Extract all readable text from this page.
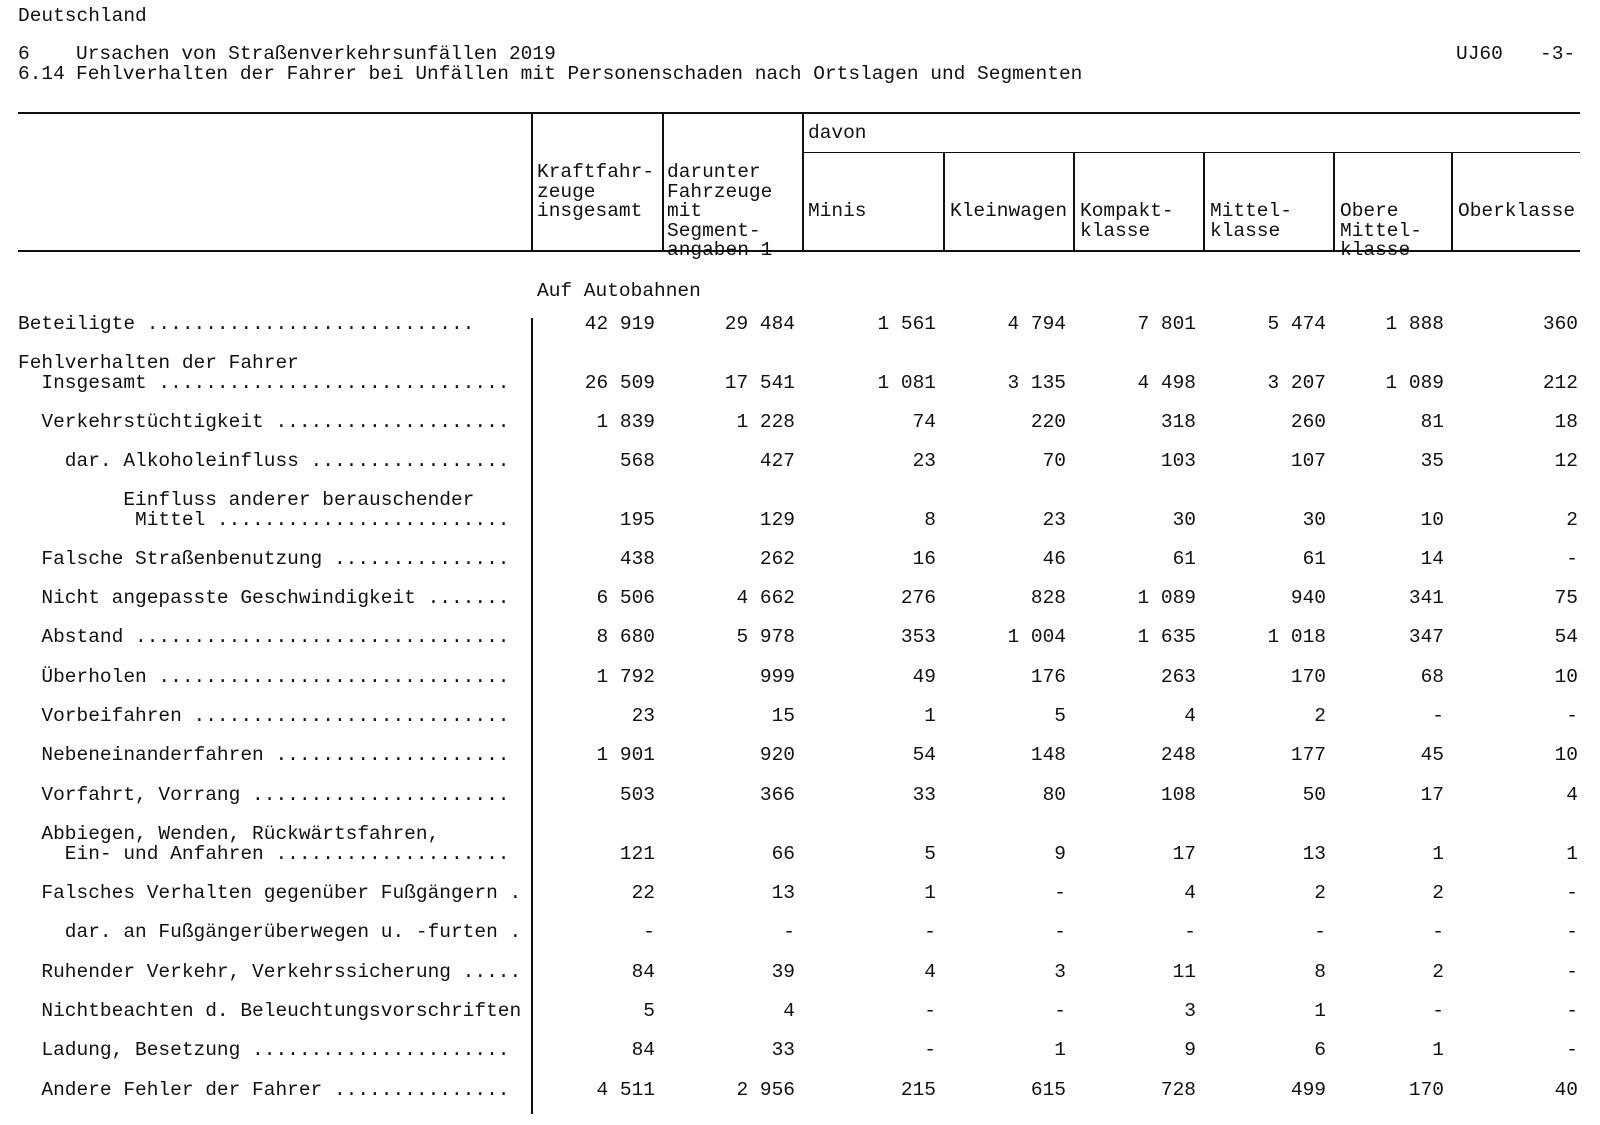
Deutschland
6 Ursachen von Straßenverkehrsunfällen 2019
6.14 Fehlverhalten der Fahrer bei Unfällen mit Personenschaden nach Ortslagen und Segmenten
UJ60 -3-

Kraftfahr-
zeuge
insgesamt

darunter
Fahrzeuge
mit
Segment-
angaben 1

davon

Minis

	Kleinwagen

Kompakt-
klasse

Mittel-
klasse

Obere
Mittel-
klasse

Oberklasse

Auf Autobahnen
Beteiligte ............................	42 919	29 484	1 561	4 794	7 801	5 474	1 888	360
Fehlverhalten der Fahrer
Insgesamt ..............................	26 509	17 541	1 081	3 135	4 498	3 207	1 089	212
Verkehrstüchtigkeit ....................	1 839	1 228	74	220	318	260	81	18
dar. Alkoholeinfluss .................	568	427	23	70	103	107	35	12
Einfluss anderer berauschender
Mittel .........................	195	129	8	23	30	30	10	2
Falsche Straßenbenutzung ...............	438	262	16	46	61	61	14	-
Nicht angepasste Geschwindigkeit .......	6 506	4 662	276	828	1 089	940	341	75
Abstand ................................	8 680	5 978	353	1 004	1 635	1 018	347	54
Überholen ..............................	1 792	999	49	176	263	170	68	10
Vorbeifahren ...........................	23	15	1	5	4	2	-	-
Nebeneinanderfahren ....................	1 901	920	54	148	248	177	45	10
Vorfahrt, Vorrang ......................	503	366	33	80	108	50	17	4
Abbiegen, Wenden, Rückwärtsfahren,
Ein- und Anfahren ....................	121	66	5	9	17	13	1	1
Falsches Verhalten gegenüber Fußgängern .	22	13	1	-	4	2	2	-
dar. an Fußgängerüberwegen u. -furten .	-	-	-	-	-	-	-	-
Ruhender Verkehr, Verkehrssicherung .....	84	39	4	3	11	8	2	-
Nichtbeachten d. Beleuchtungsvorschriften	5	4	-	-	3	1	-	-
Ladung, Besetzung ......................	84	33	-	1	9	6	1	-
Andere Fehler der Fahrer ...............	4 511	2 956	215	615	728	499	170	40
